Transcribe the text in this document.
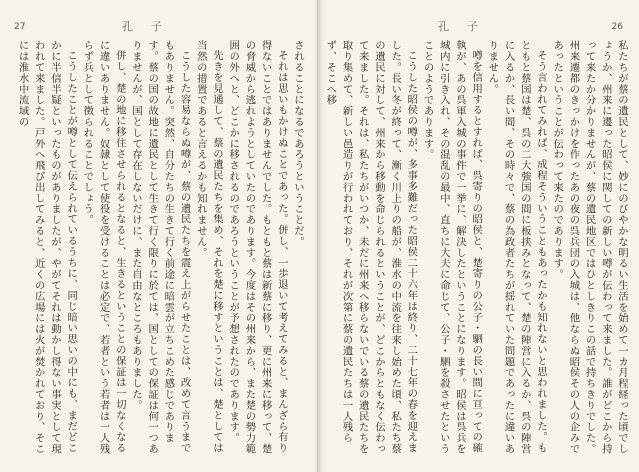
27	孔子

されることになるであろうということだ。

それは思いもかけぬことであった。併し、一歩退いて考えてみると、まんざら有り得ないことではありませんでした。もともと蔡は新蔡に移り、更に州来に移って、楚の脅威から逃れようとしていたのであります。今度はその州来から、また楚の勢力範囲の外へと、どこかに移されるのであろうということが予想されたのであります。

先きを見通して、蔡の遺民たちを集め、それを楚に移すということは、楚としては当然の措置であると言えるかも知れません。

こうした容易ならぬ噂が、蔡の遺民たちを震え上がらせたことは、改めて言うまでもありません。突然、自分たちの生きて行く前途に暗雲が立ちこめた感じであります。蔡の国の故地に遺民として生きて行く限りに於ては、国としての保証は何一つありませんが、国として存在しないだけに、また自由なところもありました。

併し、楚の地に移住させられるとなると、生きるということの保証は一切なくなるに違いありません。奴隷として使役を受けることは必定で、若者という若者は一人残らず兵として徴られることでしょう。

こうしたことが噂として伝えられているうちに、同じ暗い思いの中にも、まだどこかに半信半疑といったものがありましたが、やがてそれは動かし得ない事実として現われて来ました。戸外へ飛び出してみると、近くの広場には火が焚かれており、そこには淮水中流域の

26
孔子

私たちが蔡の遺民として、妙にのびやかな明るい生活を始めて一カ月程経った頃でしょうか、州来に遷った昭侯に関しての新しい噂が伝わって来ました。誰がどこから持って来たか分かりませんが、蔡の遺民地区ではひとしきりこの話で持ちきりでした。州来遷都のきっかけを作ったあの夜の呉兵団の入城は、他ならぬ昭侯その人の企みであったということが伝わって来たのであります。

そう言われてみれば、成程そういうこともあったかも知れないと思われました。もともと蔡国は楚、呉の二大強国の間に板挟みとなって、楚の陣営に入るか、呉の陣営に入るか、長い間、その時々で、蔡の為政者たちが揺れていた問題であったに違いありません。

噂を信用するとすれば、呉寄りの昭侯と、楚寄りの公子・駟の長い間に亘っての確執が、あの呉軍入城の事件で一挙に、解決したということになります。昭侯は呉兵を城内に引き入れ、その混乱の最中、直ちに大夫に命じて、公子・駟を殺させたということのようであります。

こうした昭侯の噂が、多事多難だった昭侯二十六年は終り、二十七年の春を迎えました。長い冬が終って、漸く川上りの船が、淮水の中流を往来し始めた頃、私たち蔡の遺民に対して、州来から移動を命じられるということが、どこからともなく伝わって来ました。それは、私たちがいつか、未だに州来へ移らないでいる蔡の遺民たちを取り集めて、新しい邑造りが行われており、それが次第に蔡の遺民たちは一人残らず、そこへ移
